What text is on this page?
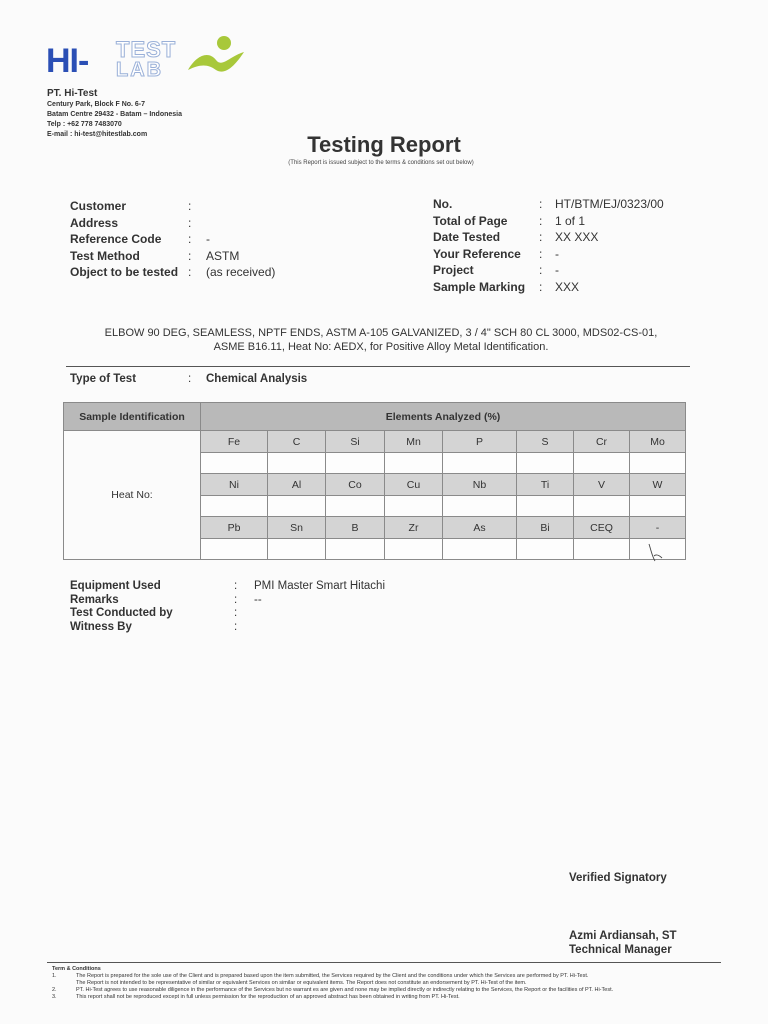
HI- TEST
LAB
PT. Hi-Test
Century Park, Block F No. 6-7
Batam Centre 29432 - Batam – Indonesia
Telp : +62 778 7483070
E-mail : hi-test@hitestlab.com	Testing Report
(This Report is issued subject to the terms & conditions set out below)
Customer	:
Address	:
Reference Code	:	-
Test Method	:	ASTM
Object to be tested :	(as received)
No.	:	HT/BTM/EJ/0323/00
Total of Page	:	1 of 1
Date Tested	:	XX XXX
Your Reference	:	-
Project	:	-
Sample Marking	:	XXX
ELBOW 90 DEG, SEAMLESS, NPTF ENDS, ASTM A-105 GALVANIZED, 3 / 4" SCH 80 CL 3000, MDS02-CS-01,
ASME B16.11, Heat No: AEDX, for Positive Alloy Metal Identification.
Type of Test	:	Chemical Analysis
Sample Identification	Elements Analyzed (%)							
Heat No:	Fe	C	Si	Mn	P	S	Cr	Mo

	Ni	Al	Co	Cu	Nb	Ti	V	W

	Pb	Sn	B	Zr	As	Bi	CEQ	-

Equipment Used	:	PMI Master Smart Hitachi
Remarks	:	--
Test Conducted by	:
Witness By	:
Verified Signatory
Azmi Ardiansah, ST
Technical Manager
Term & Conditions
1.	The Report is prepared for the sole use of the Client and is prepared based upon the item submitted, the Services required by the Client and the conditions under which the Services are performed by PT. Hi-Test.
The Report is not intended to be representative of similar or equivalent Services on similar or equivalent items. The Report does not constitute an endorsement by PT. Hi-Test of the item.
2.	PT. Hi-Test agrees to use reasonable diligence in the performance of the Services but no warrant es are given and none may be implied directly or indirectly relating to the Services, the Report or the facilities of PT. Hi-Test.
3.	This report shall not be reproduced except in full unless permission for the reproduction of an approved abstract has been obtained in writing from PT. Hi-Test.
